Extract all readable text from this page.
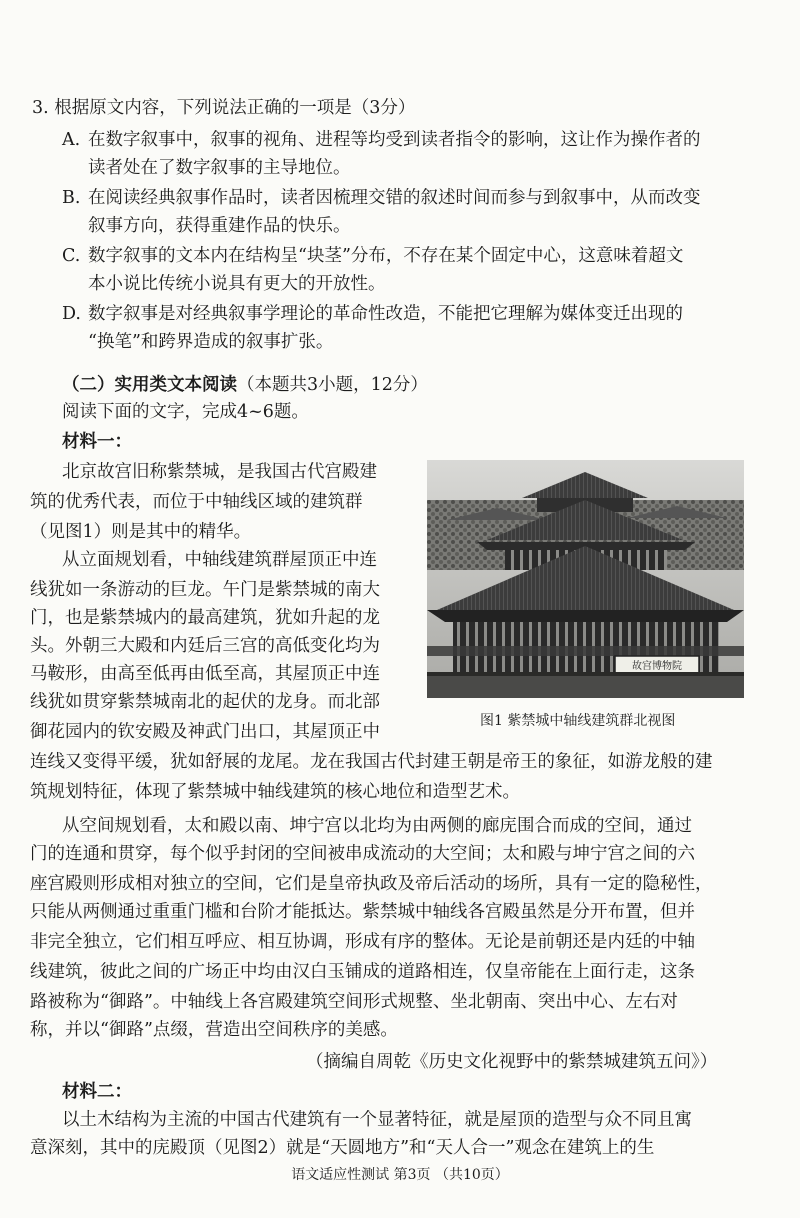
3. 根据原文内容，下列说法正确的一项是（3分）
A. 在数字叙事中，叙事的视角、进程等均受到读者指令的影响，这让作为操作者的
读者处在了数字叙事的主导地位。
B. 在阅读经典叙事作品时，读者因梳理交错的叙述时间而参与到叙事中，从而改变
叙事方向，获得重建作品的快乐。
C. 数字叙事的文本内在结构呈“块茎”分布，不存在某个固定中心，这意味着超文
本小说比传统小说具有更大的开放性。
D. 数字叙事是对经典叙事学理论的革命性改造，不能把它理解为媒体变迁出现的
“换笔”和跨界造成的叙事扩张。
（二）实用类文本阅读（本题共3小题，12分）
阅读下面的文字，完成4~6题。
材料一：
北京故宫旧称紫禁城，是我国古代宫殿建
筑的优秀代表，而位于中轴线区域的建筑群
（见图1）则是其中的精华。
从立面规划看，中轴线建筑群屋顶正中连
线犹如一条游动的巨龙。午门是紫禁城的南大
门，也是紫禁城内的最高建筑，犹如升起的龙
头。外朝三大殿和内廷后三宫的高低变化均为
马鞍形，由高至低再由低至高，其屋顶正中连
线犹如贯穿紫禁城南北的起伏的龙身。而北部
御花园内的钦安殿及神武门出口，其屋顶正中
连线又变得平缓，犹如舒展的龙尾。龙在我国古代封建王朝是帝王的象征，如游龙般的建
筑规划特征，体现了紫禁城中轴线建筑的核心地位和造型艺术。
故宫博物院
图1 紫禁城中轴线建筑群北视图
从空间规划看，太和殿以南、坤宁宫以北均为由两侧的廊庑围合而成的空间，通过
门的连通和贯穿，每个似乎封闭的空间被串成流动的大空间；太和殿与坤宁宫之间的六
座宫殿则形成相对独立的空间，它们是皇帝执政及帝后活动的场所，具有一定的隐秘性，
只能从两侧通过重重门槛和台阶才能抵达。紫禁城中轴线各宫殿虽然是分开布置，但并
非完全独立，它们相互呼应、相互协调，形成有序的整体。无论是前朝还是内廷的中轴
线建筑，彼此之间的广场正中均由汉白玉铺成的道路相连，仅皇帝能在上面行走，这条
路被称为“御路”。中轴线上各宫殿建筑空间形式规整、坐北朝南、突出中心、左右对
称，并以“御路”点缀，营造出空间秩序的美感。
（摘编自周乾《历史文化视野中的紫禁城建筑五问》）
材料二：
以土木结构为主流的中国古代建筑有一个显著特征，就是屋顶的造型与众不同且寓
意深刻，其中的庑殿顶（见图2）就是“天圆地方”和“天人合一”观念在建筑上的生
语文适应性测试 第3页 （共10页）
